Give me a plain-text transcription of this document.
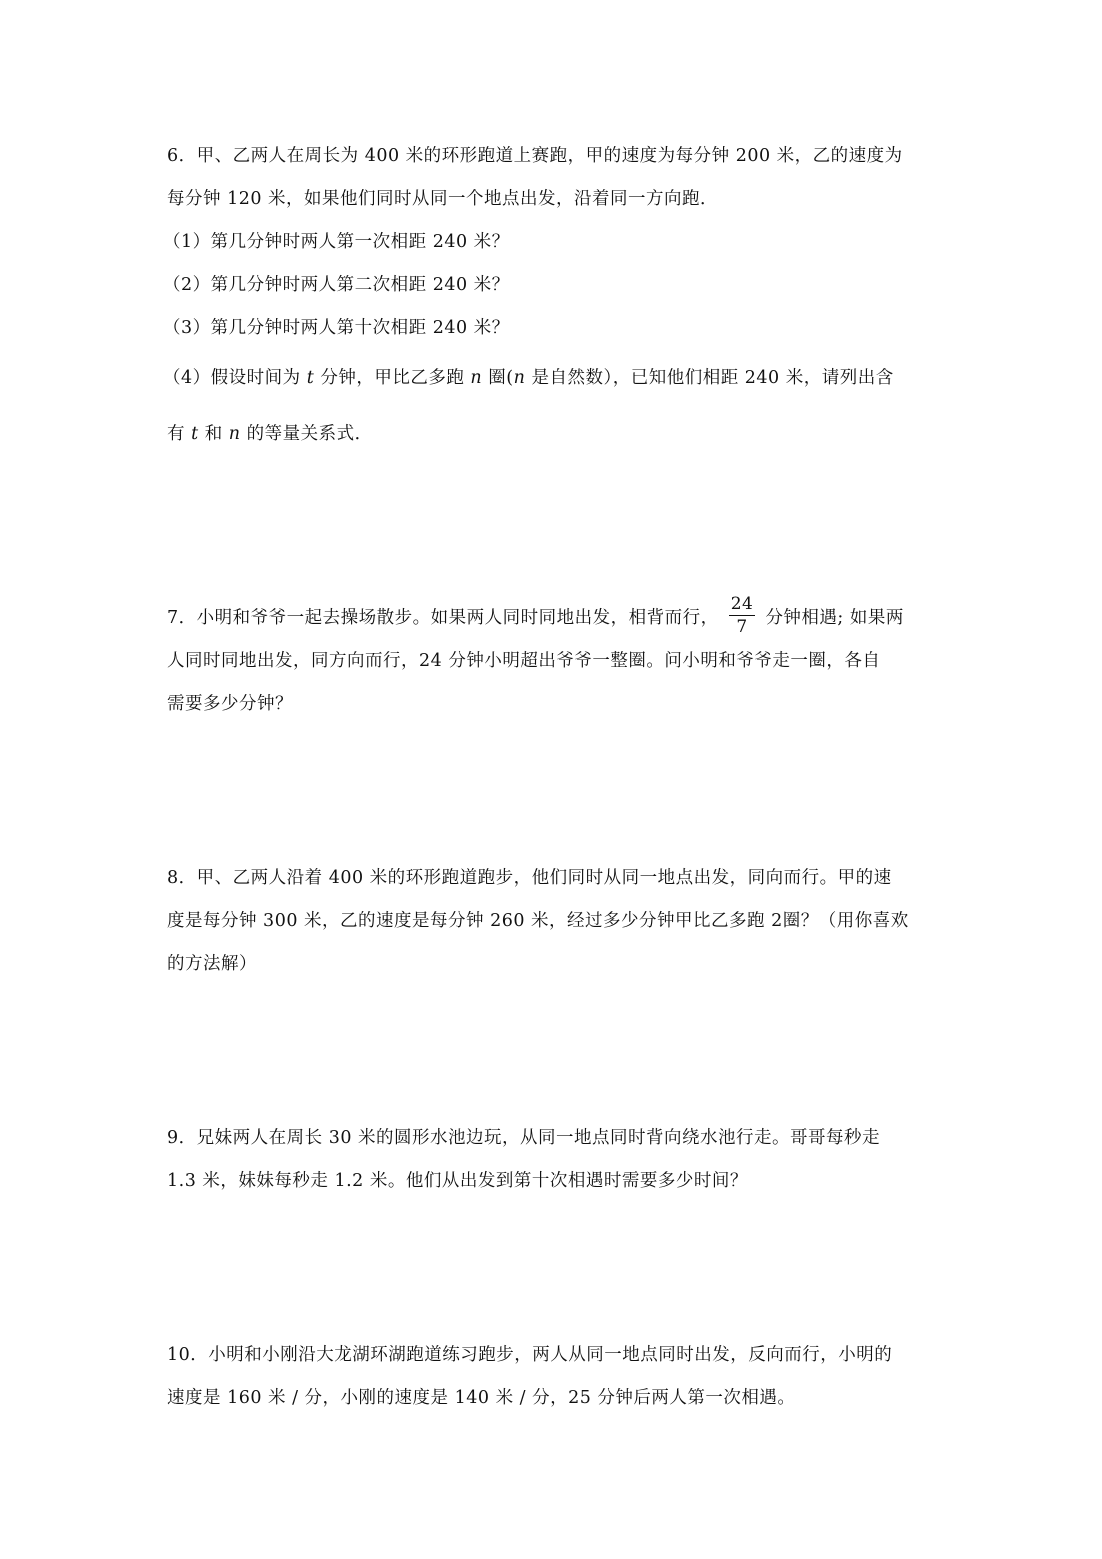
6．甲、乙两人在周长为 400 米的环形跑道上赛跑，甲的速度为每分钟 200 米，乙的速度为
每分钟 120 米，如果他们同时从同一个地点出发，沿着同一方向跑．
（1）第几分钟时两人第一次相距 240 米？
（2）第几分钟时两人第二次相距 240 米？
（3）第几分钟时两人第十次相距 240 米？
（4）假设时间为 t 分钟，甲比乙多跑 n 圈(n 是自然数），已知他们相距 240 米，请列出含
有 t 和 n 的等量关系式．
7．小明和爷爷一起去操场散步。如果两人同时同地出发，相背而行， $\frac{24}{7}$ 分钟相遇; 如果两
人同时同地出发，同方向而行，24 分钟小明超出爷爷一整圈。问小明和爷爷走一圈，各自
需要多少分钟？
8．甲、乙两人沿着 400 米的环形跑道跑步，他们同时从同一地点出发，同向而行。甲的速
度是每分钟 300 米，乙的速度是每分钟 260 米，经过多少分钟甲比乙多跑 2圈？（用你喜欢
的方法解）
9．兄妹两人在周长 30 米的圆形水池边玩，从同一地点同时背向绕水池行走。哥哥每秒走
1.3 米，妹妹每秒走 1.2 米。他们从出发到第十次相遇时需要多少时间？
10．小明和小刚沿大龙湖环湖跑道练习跑步，两人从同一地点同时出发，反向而行，小明的
速度是 160 米 / 分，小刚的速度是 140 米 / 分，25 分钟后两人第一次相遇。
